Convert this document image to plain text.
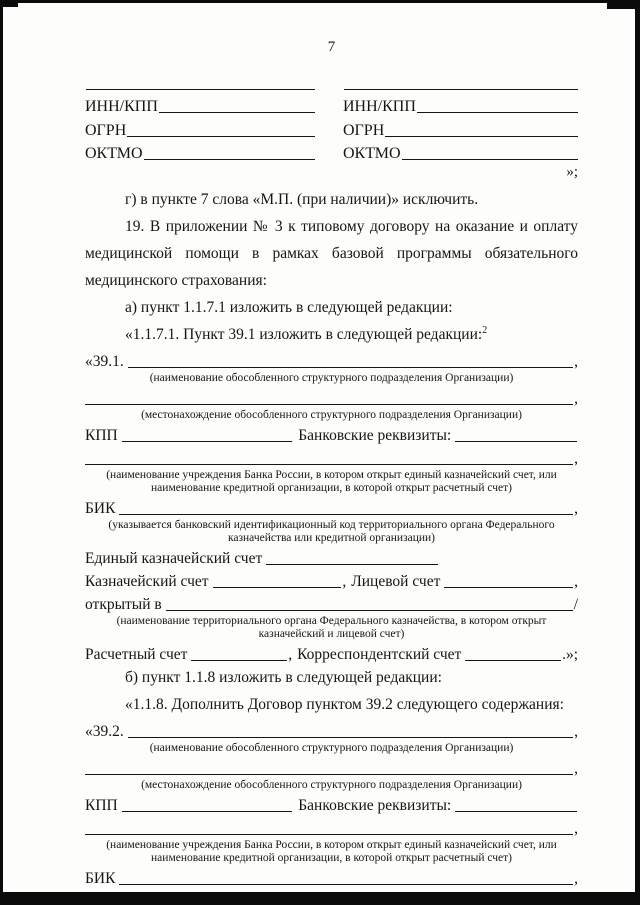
7
ИНН/КПП
ОГРН
ОКТМО
ИНН/КПП
ОГРН
ОКТМО
»;

г) в пункте 7 слова «М.П. (при наличии)» исключить.

19. В приложении № 3 к типовому договору на оказание и оплату медицинской помощи в рамках базовой программы обязательного медицинского страхования:

а) пункт 1.1.7.1 изложить в следующей редакции:

«1.1.7.1. Пункт 39.1 изложить в следующей редакции:$^2$

«39.1.	,
(наименование обособленного структурного подразделения Организации)
,
(местонахождение обособленного структурного подразделения Организации)
КПП	Банковские реквизиты:
,
(наименование учреждения Банка России, в котором открыт единый казначейский счет, или наименование кредитной организации, в которой открыт расчетный счет)
БИК	,
(указывается банковский идентификационный код территориального органа Федерального казначейства или кредитной организации)
Единый казначейский счет
Казначейский счет	, Лицевой счет	,
открытый в	/
(наименование территориального органа Федерального казначейства, в котором открыт казначейский и лицевой счет)
Расчетный счет	, Корреспондентский счет	.»;

б) пункт 1.1.8 изложить в следующей редакции:

«1.1.8. Дополнить Договор пунктом 39.2 следующего содержания:

«39.2.	,
(наименование обособленного структурного подразделения Организации)
,
(местонахождение обособленного структурного подразделения Организации)
КПП	Банковские реквизиты:
,
(наименование учреждения Банка России, в котором открыт единый казначейский счет, или наименование кредитной организации, в которой открыт расчетный счет)
БИК	,
